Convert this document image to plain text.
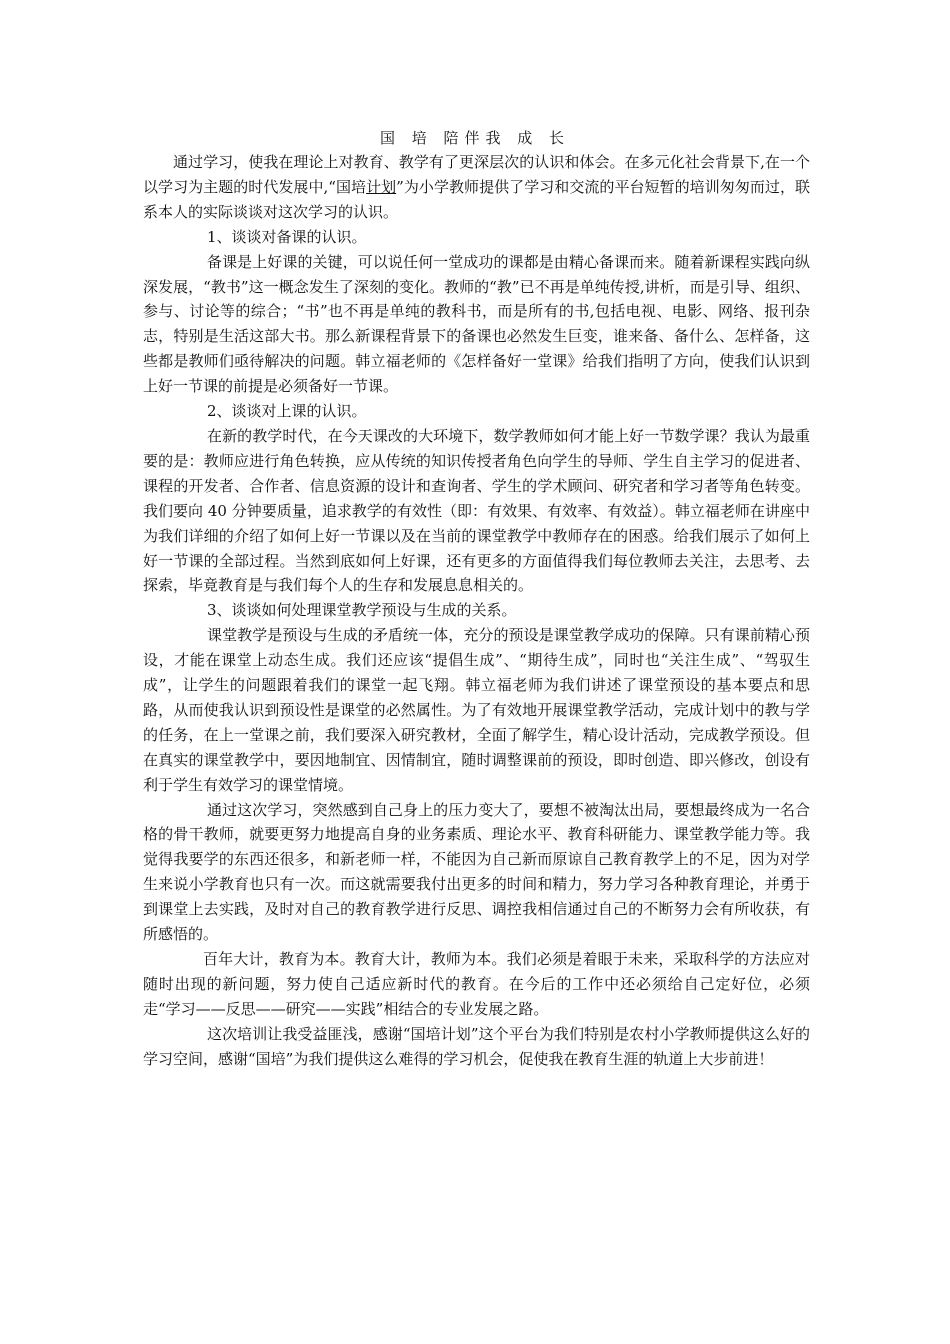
国 培 陪伴我 成 长

通过学习，使我在理论上对教育、教学有了更深层次的认识和体会。在多元化社会背景下,在一个以学习为主题的时代发展中,“国培计划”为小学教师提供了学习和交流的平台短暂的培训匆匆而过，联系本人的实际谈谈对这次学习的认识。

1、谈谈对备课的认识。

备课是上好课的关键，可以说任何一堂成功的课都是由精心备课而来。随着新课程实践向纵深发展，“教书”这一概念发生了深刻的变化。教师的“教”已不再是单纯传授,讲析，而是引导、组织、参与、讨论等的综合；“书”也不再是单纯的教科书，而是所有的书,包括电视、电影、网络、报刊杂志，特别是生活这部大书。那么新课程背景下的备课也必然发生巨变，谁来备、备什么、怎样备，这些都是教师们亟待解决的问题。韩立福老师的《怎样备好一堂课》给我们指明了方向，使我们认识到上好一节课的前提是必须备好一节课。

2、谈谈对上课的认识。

在新的教学时代，在今天课改的大环境下，数学教师如何才能上好一节数学课？我认为最重要的是：教师应进行角色转换，应从传统的知识传授者角色向学生的导师、学生自主学习的促进者、课程的开发者、合作者、信息资源的设计和查询者、学生的学术顾问、研究者和学习者等角色转变。我们要向 40 分钟要质量，追求教学的有效性（即：有效果、有效率、有效益）。韩立福老师在讲座中为我们详细的介绍了如何上好一节课以及在当前的课堂教学中教师存在的困惑。给我们展示了如何上好一节课的全部过程。当然到底如何上好课，还有更多的方面值得我们每位教师去关注，去思考、去探索，毕竟教育是与我们每个人的生存和发展息息相关的。

3、谈谈如何处理课堂教学预设与生成的关系。

课堂教学是预设与生成的矛盾统一体，充分的预设是课堂教学成功的保障。只有课前精心预设，才能在课堂上动态生成。我们还应该“提倡生成”、“期待生成”，同时也“关注生成”、“驾驭生成”，让学生的问题跟着我们的课堂一起飞翔。韩立福老师为我们讲述了课堂预设的基本要点和思路，从而使我认识到预设性是课堂的必然属性。为了有效地开展课堂教学活动，完成计划中的教与学的任务，在上一堂课之前，我们要深入研究教材，全面了解学生，精心设计活动，完成教学预设。但在真实的课堂教学中，要因地制宜、因情制宜，随时调整课前的预设，即时创造、即兴修改，创设有利于学生有效学习的课堂情境。

通过这次学习，突然感到自己身上的压力变大了，要想不被淘汰出局，要想最终成为一名合格的骨干教师，就要更努力地提高自身的业务素质、理论水平、教育科研能力、课堂教学能力等。我觉得我要学的东西还很多，和新老师一样，不能因为自己新而原谅自己教育教学上的不足，因为对学生来说小学教育也只有一次。而这就需要我付出更多的时间和精力，努力学习各种教育理论，并勇于到课堂上去实践，及时对自己的教育教学进行反思、调控我相信通过自己的不断努力会有所收获，有所感悟的。

百年大计，教育为本。教育大计，教师为本。我们必须是着眼于未来，采取科学的方法应对随时出现的新问题，努力使自己适应新时代的教育。在今后的工作中还必须给自己定好位，必须走“学习——反思——研究——实践”相结合的专业发展之路。

这次培训让我受益匪浅，感谢“国培计划”这个平台为我们特别是农村小学教师提供这么好的学习空间，感谢“国培”为我们提供这么难得的学习机会，促使我在教育生涯的轨道上大步前进！
